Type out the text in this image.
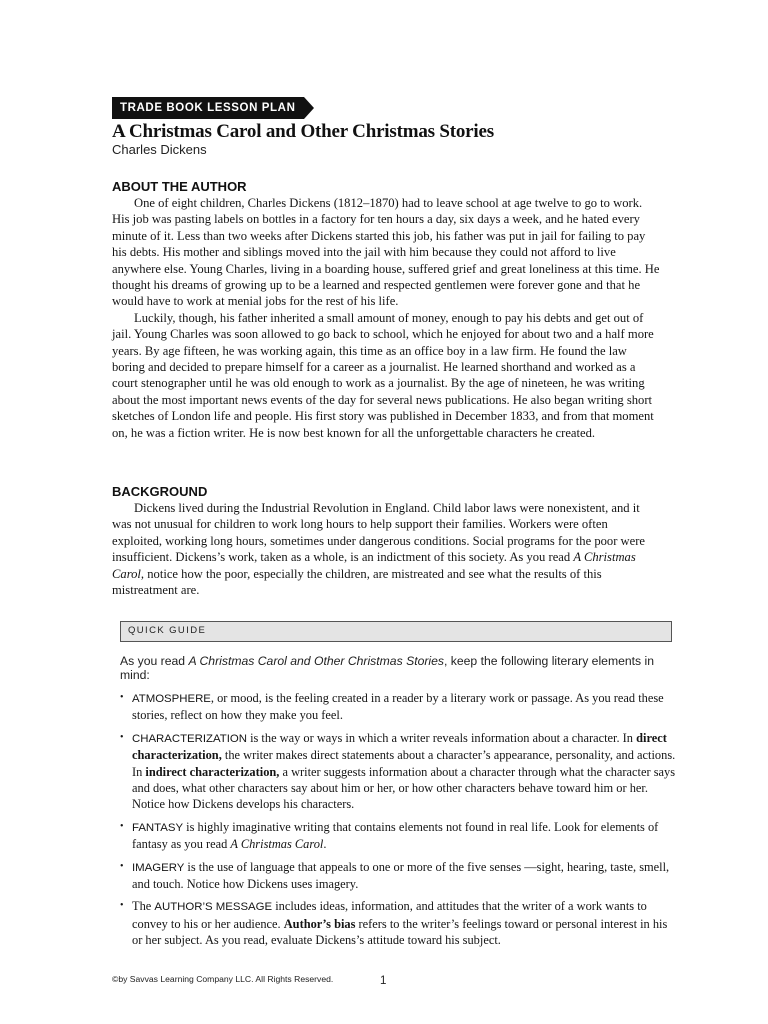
TRADE BOOK LESSON PLAN
A Christmas Carol and Other Christmas Stories
Charles Dickens
ABOUT THE AUTHOR

One of eight children, Charles Dickens (1812–1870) had to leave school at age twelve to go to work. His job was pasting labels on bottles in a factory for ten hours a day, six days a week, and he hated every minute of it. Less than two weeks after Dickens started this job, his father was put in jail for failing to pay his debts. His mother and siblings moved into the jail with him because they could not afford to live anywhere else. Young Charles, living in a boarding house, suffered grief and great loneliness at this time. He thought his dreams of growing up to be a learned and respected gentlemen were forever gone and that he would have to work at menial jobs for the rest of his life.

Luckily, though, his father inherited a small amount of money, enough to pay his debts and get out of jail. Young Charles was soon allowed to go back to school, which he enjoyed for about two and a half more years. By age fifteen, he was working again, this time as an office boy in a law firm. He found the law boring and decided to prepare himself for a career as a journalist. He learned shorthand and worked as a court stenographer until he was old enough to work as a journalist. By the age of nineteen, he was writing about the most important news events of the day for several news publications. He also began writing short sketches of London life and people. His first story was published in December 1833, and from that moment on, he was a fiction writer. He is now best known for all the unforgettable characters he created.

BACKGROUND

Dickens lived during the Industrial Revolution in England. Child labor laws were nonexistent, and it was not unusual for children to work long hours to help support their families. Workers were often exploited, working long hours, sometimes under dangerous conditions. Social programs for the poor were insufficient. Dickens’s work, taken as a whole, is an indictment of this society. As you read A Christmas Carol, notice how the poor, especially the children, are mistreated and see what the results of this mistreatment are.

QUICK GUIDE

As you read A Christmas Carol and Other Christmas Stories, keep the following literary elements in mind:

• ATMOSPHERE, or mood, is the feeling created in a reader by a literary work or passage. As you read these stories, reflect on how they make you feel.
• CHARACTERIZATION is the way or ways in which a writer reveals information about a character. In direct characterization, the writer makes direct statements about a character’s appearance, personality, and actions. In indirect characterization, a writer suggests information about a character through what the character says and does, what other characters say about him or her, or how other characters behave toward him or her. Notice how Dickens develops his characters.
• FANTASY is highly imaginative writing that contains elements not found in real life. Look for elements of fantasy as you read A Christmas Carol.
• IMAGERY is the use of language that appeals to one or more of the five senses —sight, hearing, taste, smell, and touch. Notice how Dickens uses imagery.
• The AUTHOR’S MESSAGE includes ideas, information, and attitudes that the writer of a work wants to convey to his or her audience. Author’s bias refers to the writer’s feelings toward or personal interest in his or her subject. As you read, evaluate Dickens’s attitude toward his subject.
©by Savvas Learning Company LLC. All Rights Reserved.	1
